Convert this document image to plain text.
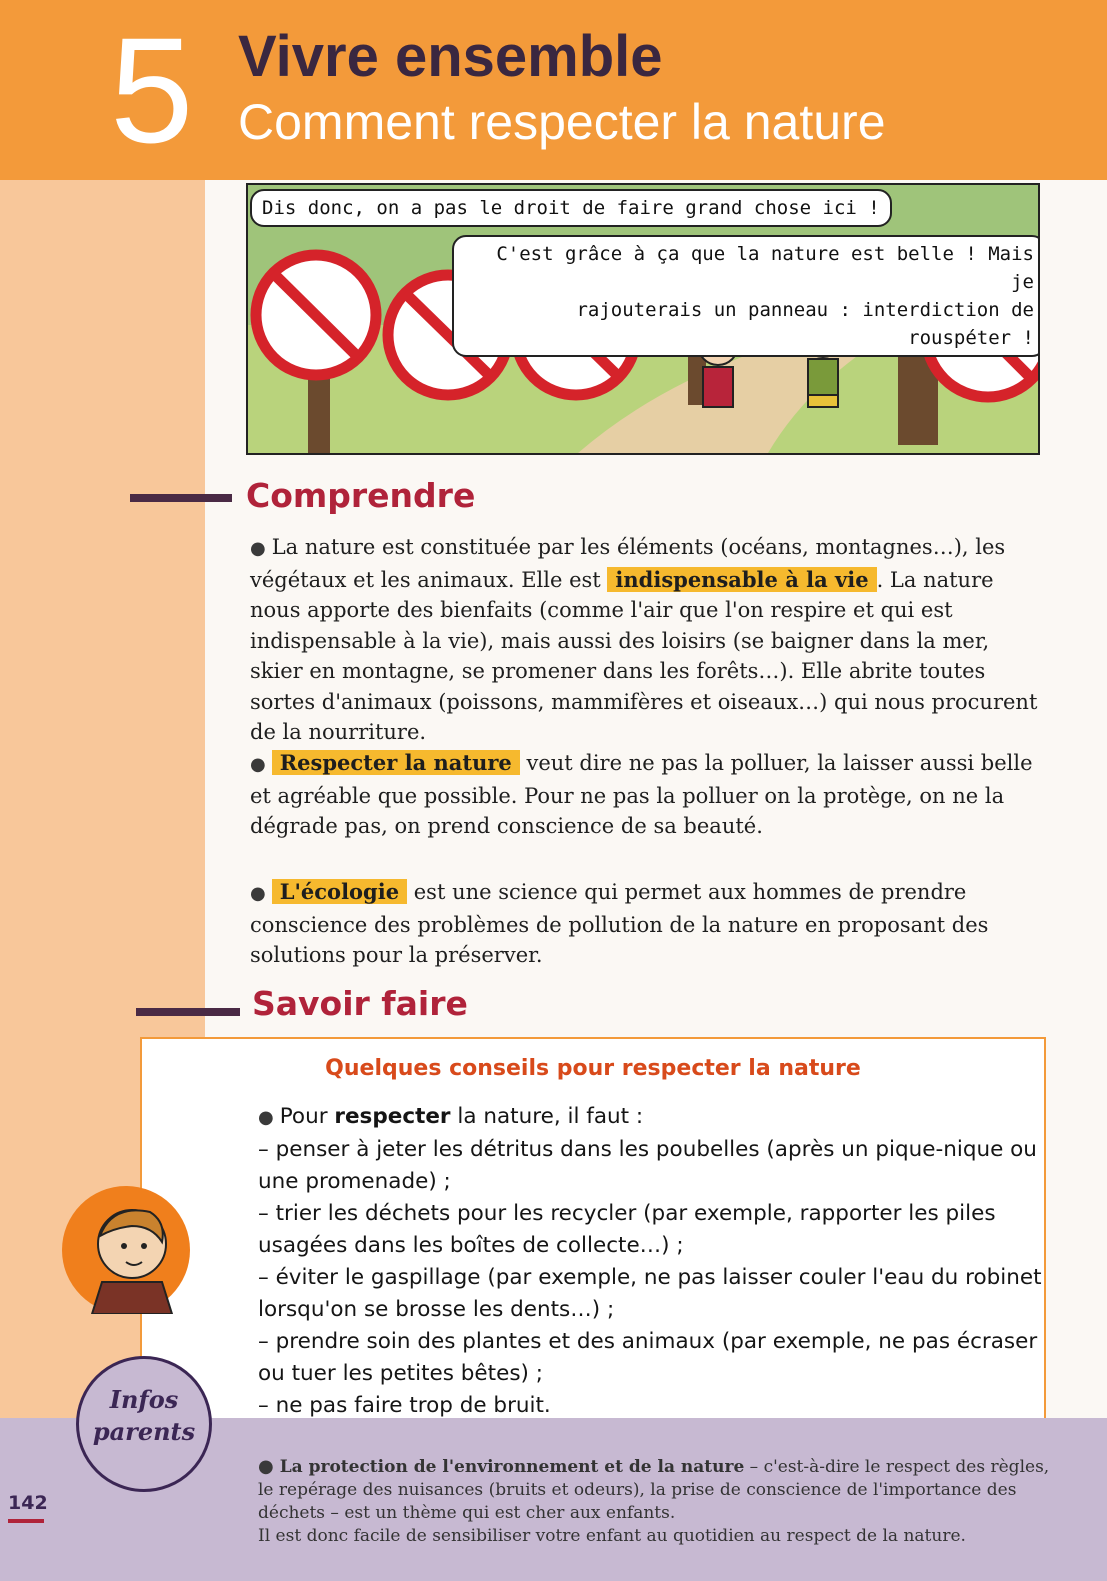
5 Vivre ensemble
Comment respecter la nature
Dis donc, on a pas le droit de faire grand chose ici !
C'est grâce à ça que la nature est belle ! Mais je
rajouterais un panneau : interdiction de rouspéter !
Comprendre
● La nature est constituée par les éléments (océans, montagnes…), les végétaux et les animaux. Elle est indispensable à la vie . La nature nous apporte des bienfaits (comme l'air que l'on respire et qui est indispensable à la vie), mais aussi des loisirs (se baigner dans la mer, skier en montagne, se promener dans les forêts…). Elle abrite toutes sortes d'animaux (poissons, mammifères et oiseaux…) qui nous procurent de la nourriture.
● Respecter la nature veut dire ne pas la polluer, la laisser aussi belle et agréable que possible. Pour ne pas la polluer on la protège, on ne la dégrade pas, on prend conscience de sa beauté.
● L'écologie est une science qui permet aux hommes de prendre conscience des problèmes de pollution de la nature en proposant des solutions pour la préserver.
Savoir faire
Quelques conseils pour respecter la nature
● Pour respecter la nature, il faut :
– penser à jeter les détritus dans les poubelles (après un pique-nique ou une promenade) ;
– trier les déchets pour les recycler (par exemple, rapporter les piles usagées dans les boîtes de collecte…) ;
– éviter le gaspillage (par exemple, ne pas laisser couler l'eau du robinet lorsqu'on se brosse les dents…) ;
– prendre soin des plantes et des animaux (par exemple, ne pas écraser ou tuer les petites bêtes) ;
– ne pas faire trop de bruit.
Infos
parents
● La protection de l'environnement et de la nature – c'est-à-dire le respect des règles, le repérage des nuisances (bruits et odeurs), la prise de conscience de l'importance des déchets – est un thème qui est cher aux enfants.
Il est donc facile de sensibiliser votre enfant au quotidien au respect de la nature.
142
